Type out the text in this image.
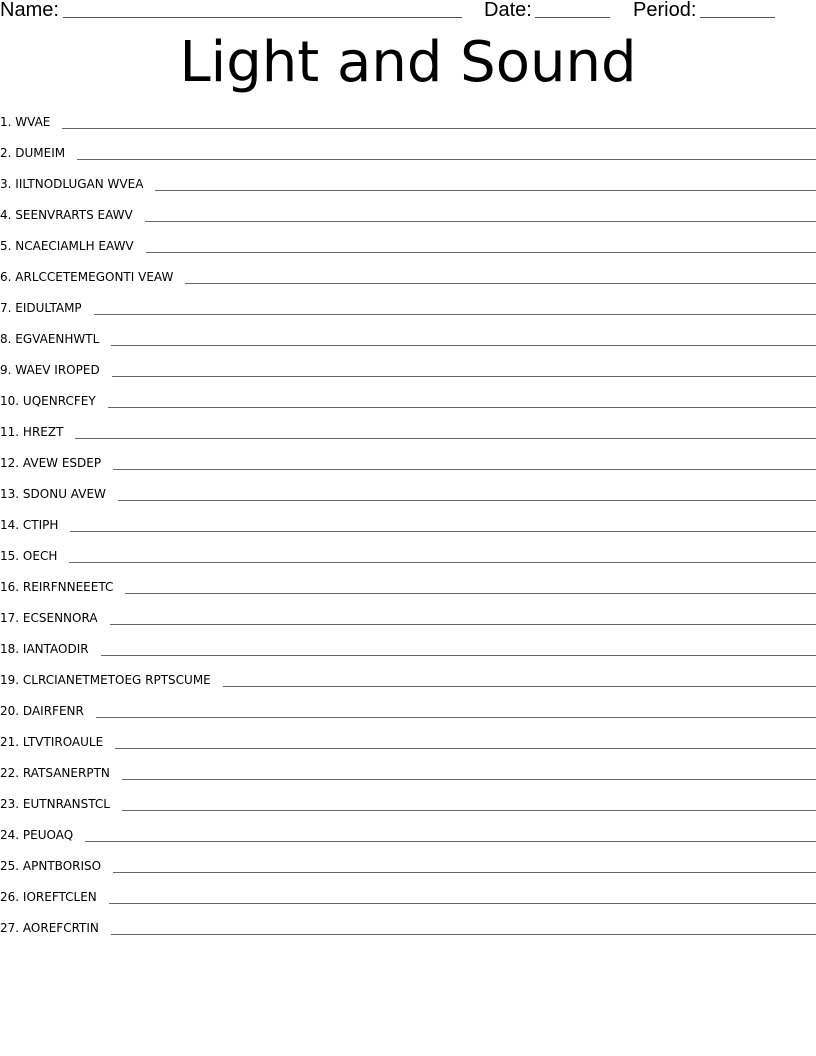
Name:	Date:	Period:
Light and Sound
1. WVAE
2. DUMEIM
3. IILTNODLUGAN WVEA
4. SEENVRARTS EAWV
5. NCAECIAMLH EAWV
6. ARLCCETEMEGONTI VEAW
7. EIDULTAMP
8. EGVAENHWTL
9. WAEV IROPED
10. UQENRCFEY
11. HREZT
12. AVEW ESDEP
13. SDONU AVEW
14. CTIPH
15. OECH
16. REIRFNNEEETC
17. ECSENNORA
18. IANTAODIR
19. CLRCIANETMETOEG RPTSCUME
20. DAIRFENR
21. LTVTIROAULE
22. RATSANERPTN
23. EUTNRANSTCL
24. PEUOAQ
25. APNTBORISO
26. IOREFTCLEN
27. AOREFCRTIN
